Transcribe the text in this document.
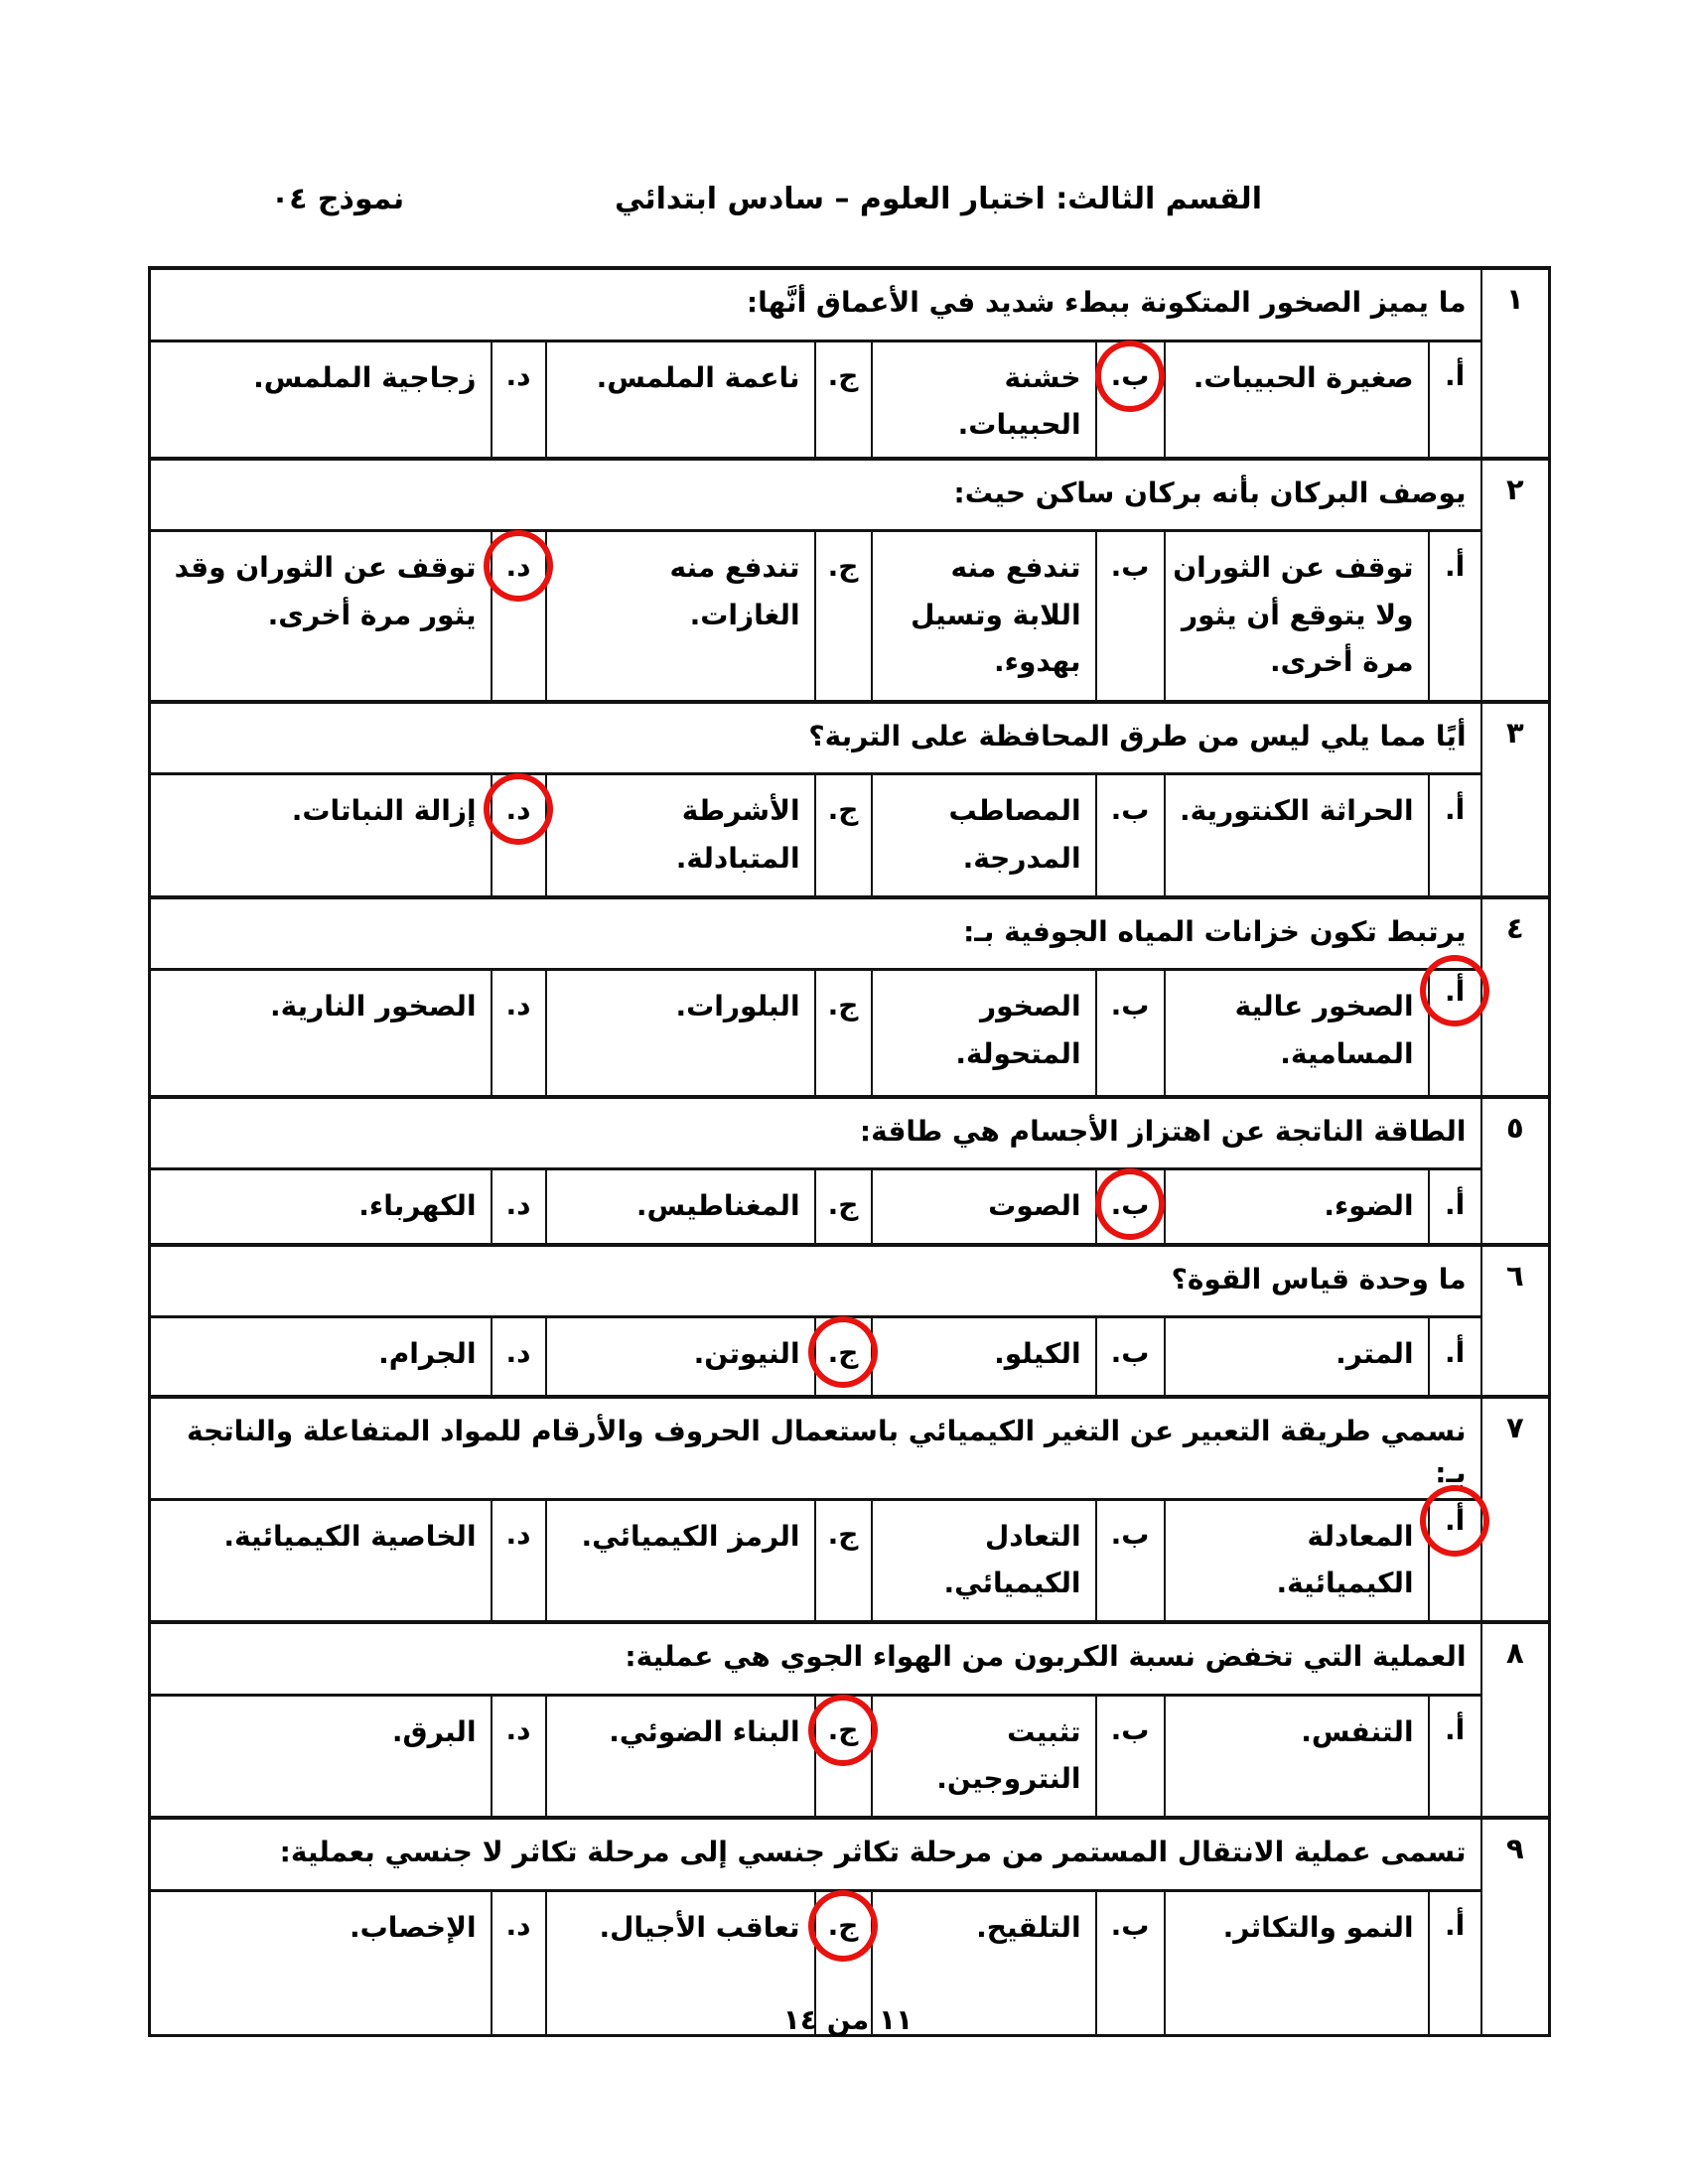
القسم الثالث: اختبار العلوم – سادس ابتدائي
نموذج ٠٤
١	ما يميز الصخور المتكونة ببطء شديد في الأعماق أنَّها:							
	أ.	صغيرة الحبيبات.	ب.	خشنة الحبيبات.	ج.	ناعمة الملمس.	د.	زجاجية الملمس.
٢	يوصف البركان بأنه بركان ساكن حيث:							
	أ.	توقف عن الثوران ولا يتوقع أن يثور مرة أخرى.	ب.	تندفع منه اللابة وتسيل بهدوء.	ج.	تندفع منه الغازات.	د.	توقف عن الثوران وقد يثور مرة أخرى.
٣	أيًا مما يلي ليس من طرق المحافظة على التربة؟							
	أ.	الحراثة الكنتورية.	ب.	المصاطب المدرجة.	ج.	الأشرطة المتبادلة.	د.	إزالة النباتات.
٤	يرتبط تكون خزانات المياه الجوفية بـ:							
	أ.	الصخور عالية المسامية.	ب.	الصخور المتحولة.	ج.	البلورات.	د.	الصخور النارية.
٥	الطاقة الناتجة عن اهتزاز الأجسام هي طاقة:							
	أ.	الضوء.	ب.	الصوت	ج.	المغناطيس.	د.	الكهرباء.
٦	ما وحدة قياس القوة؟							
	أ.	المتر.	ب.	الكيلو.	ج.	النيوتن.	د.	الجرام.
٧	نسمي طريقة التعبير عن التغير الكيميائي باستعمال الحروف والأرقام للمواد المتفاعلة والناتجة بـ:							
	أ.	المعادلة الكيميائية.	ب.	التعادل الكيميائي.	ج.	الرمز الكيميائي.	د.	الخاصية الكيميائية.
٨	العملية التي تخفض نسبة الكربون من الهواء الجوي هي عملية:							
	أ.	التنفس.	ب.	تثبيت النتروجين.	ج.	البناء الضوئي.	د.	البرق.
٩	تسمى عملية الانتقال المستمر من مرحلة تكاثر جنسي إلى مرحلة تكاثر لا جنسي بعملية:							
	أ.	النمو والتكاثر.	ب.	التلقيح.	ج.	تعاقب الأجيال.	د.	الإخصاب.
١١ من ١٤
